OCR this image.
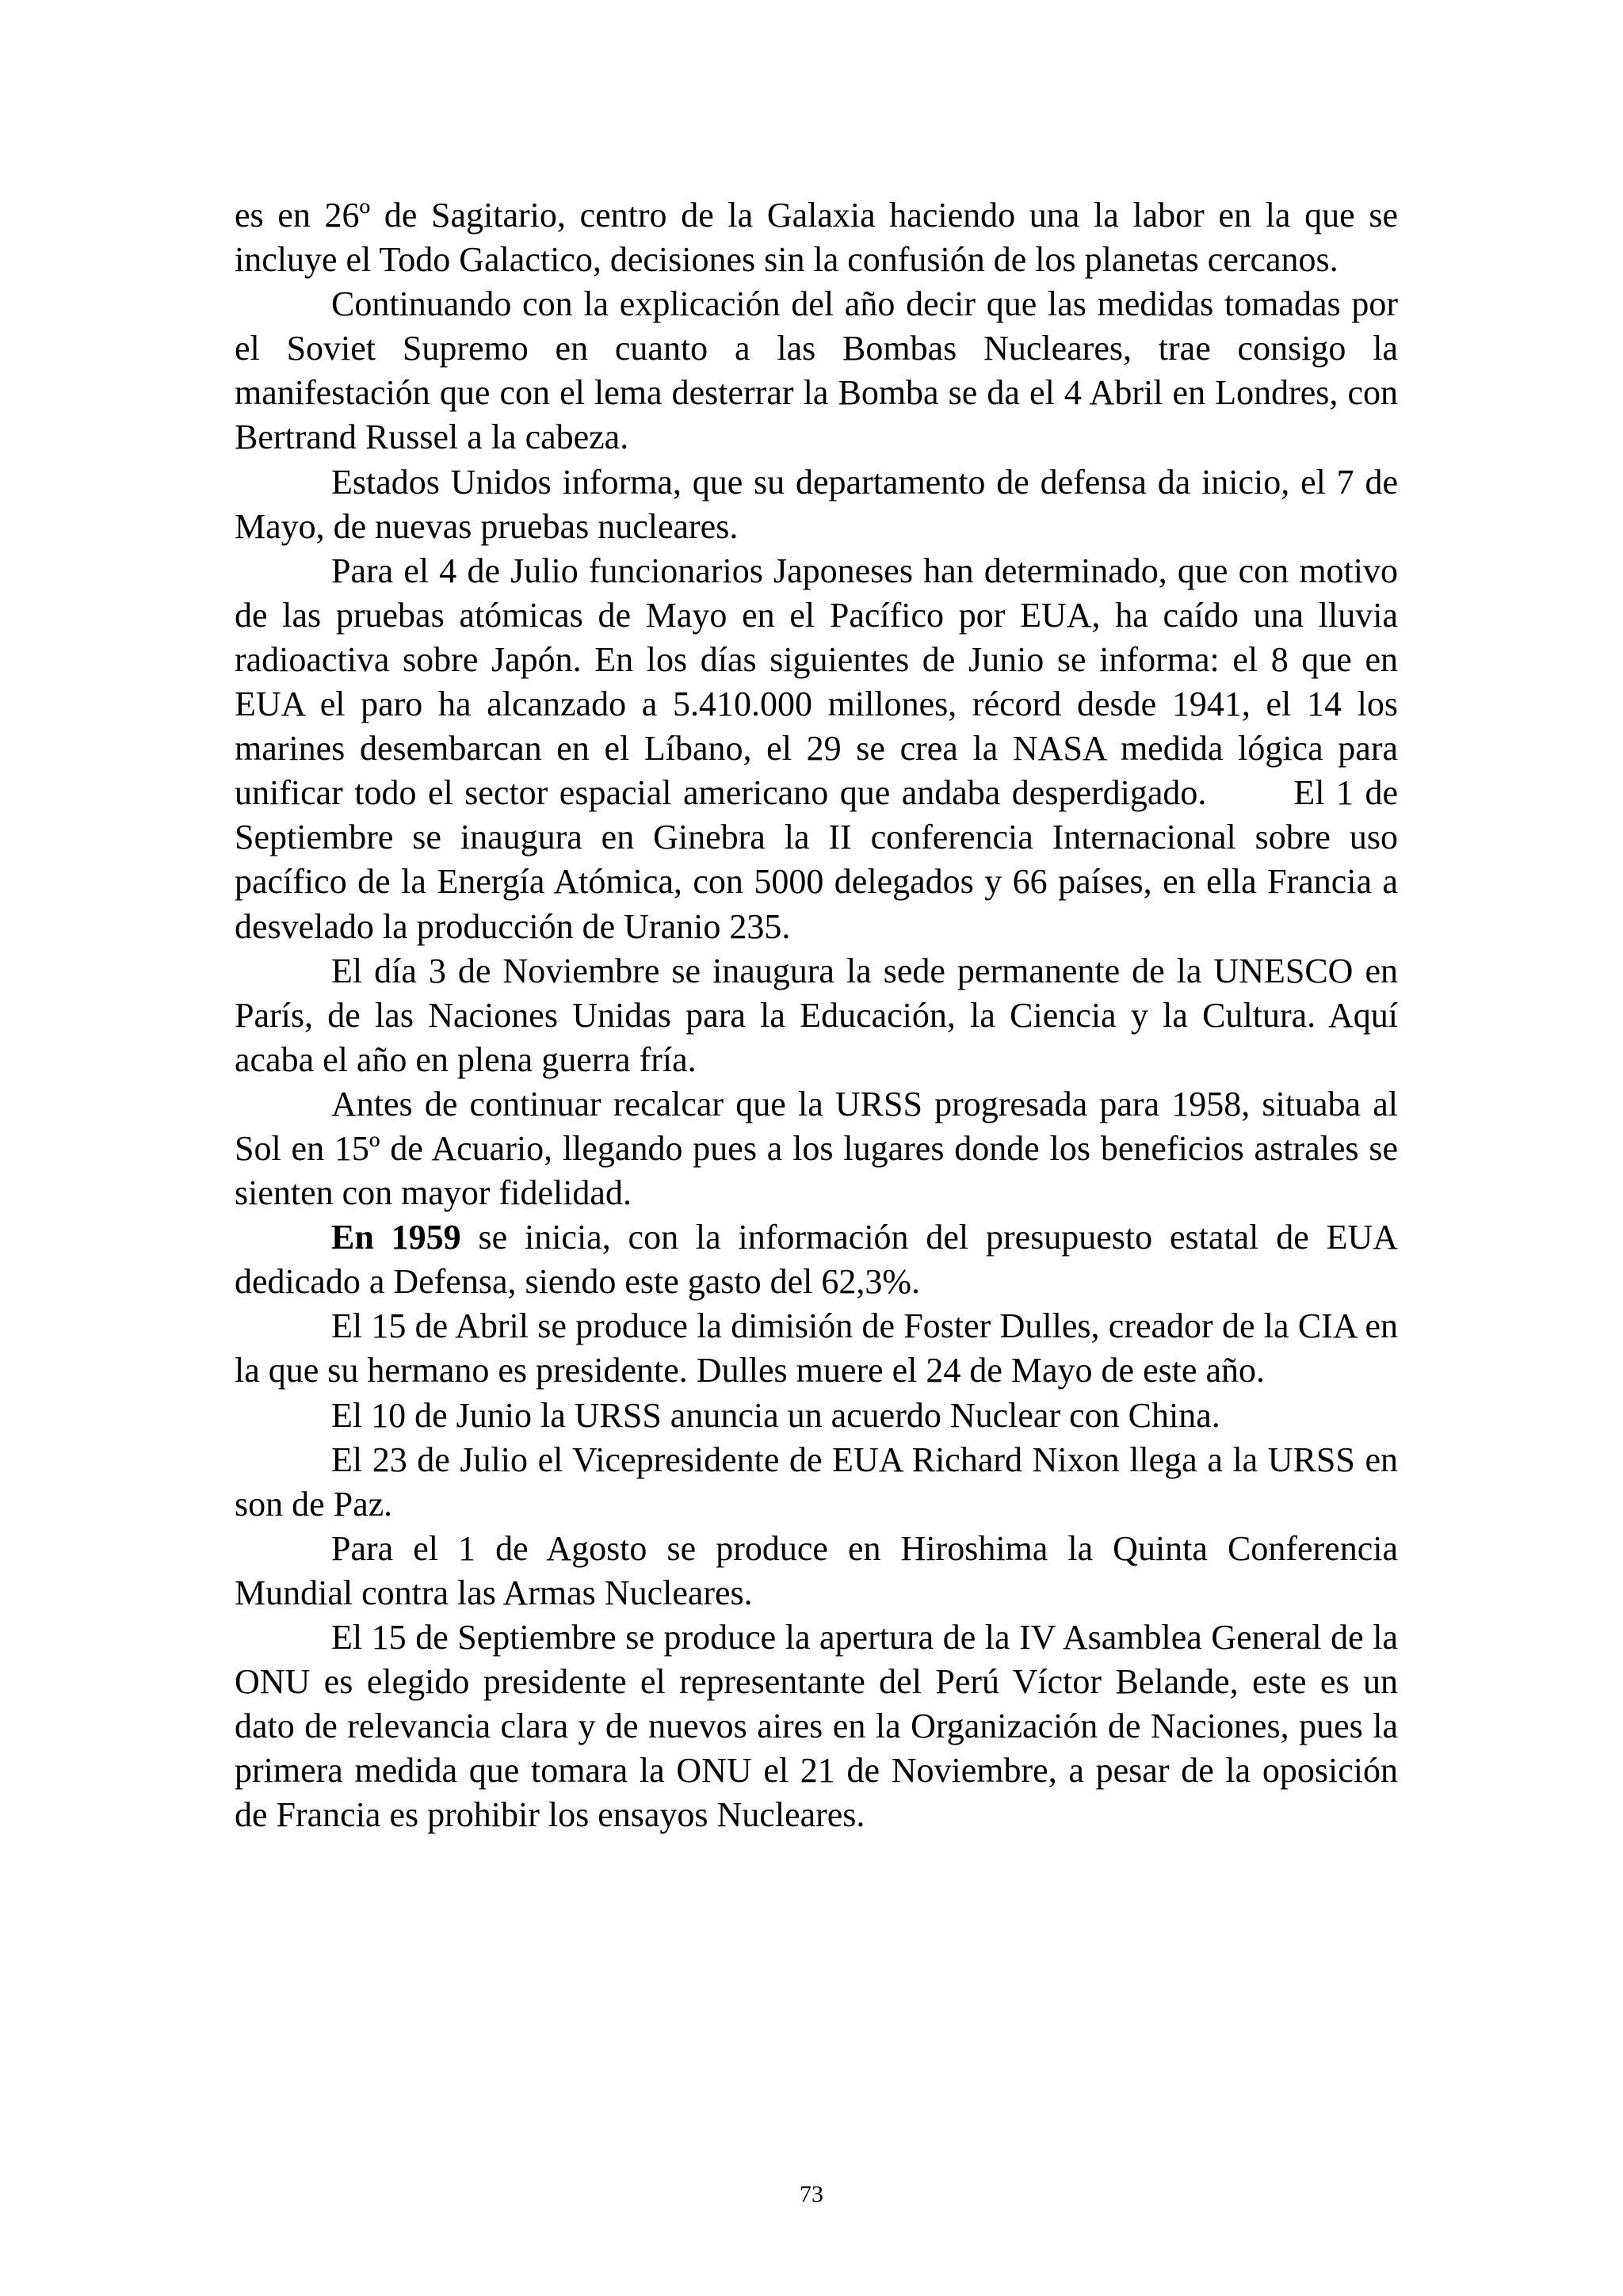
es en 26º de Sagitario, centro de la Galaxia haciendo una la labor en la que se incluye el Todo Galactico, decisiones sin la confusión de los planetas cercanos.

Continuando con la explicación del año decir que las medidas tomadas por el Soviet Supremo en cuanto a las Bombas Nucleares, trae consigo la manifestación que con el lema desterrar la Bomba se da el 4 Abril en Londres, con Bertrand Russel a la cabeza.

Estados Unidos informa, que su departamento de defensa da inicio, el 7 de Mayo, de nuevas pruebas nucleares.

Para el 4 de Julio funcionarios Japoneses han determinado, que con motivo de las pruebas atómicas de Mayo en el Pacífico por EUA, ha caído una lluvia radioactiva sobre Japón. En los días siguientes de Junio se informa: el 8 que en EUA el paro ha alcanzado a 5.410.000 millones, récord desde 1941, el 14 los marines desembarcan en el Líbano, el 29 se crea la NASA medida lógica para unificar todo el sector espacial americano que andaba desperdigado.	El 1 de Septiembre se inaugura en Ginebra la II conferencia Internacional sobre uso pacífico de la Energía Atómica, con 5000 delegados y 66 países, en ella Francia a desvelado la producción de Uranio 235.

El día 3 de Noviembre se inaugura la sede permanente de la UNESCO en París, de las Naciones Unidas para la Educación, la Ciencia y la Cultura. Aquí acaba el año en plena guerra fría.

Antes de continuar recalcar que la URSS progresada para 1958, situaba al Sol en 15º de Acuario, llegando pues a los lugares donde los beneficios astrales se sienten con mayor fidelidad.

En 1959 se inicia, con la información del presupuesto estatal de EUA dedicado a Defensa, siendo este gasto del 62,3%.

El 15 de Abril se produce la dimisión de Foster Dulles, creador de la CIA en la que su hermano es presidente. Dulles muere el 24 de Mayo de este año.

El 10 de Junio la URSS anuncia un acuerdo Nuclear con China.

El 23 de Julio el Vicepresidente de EUA Richard Nixon llega a la URSS en son de Paz.

Para el 1 de Agosto se produce en Hiroshima la Quinta Conferencia Mundial contra las Armas Nucleares.

El 15 de Septiembre se produce la apertura de la IV Asamblea General de la ONU es elegido presidente el representante del Perú Víctor Belande, este es un dato de relevancia clara y de nuevos aires en la Organización de Naciones, pues la primera medida que tomara la ONU el 21 de Noviembre, a pesar de la oposición de Francia es prohibir los ensayos Nucleares.

73
